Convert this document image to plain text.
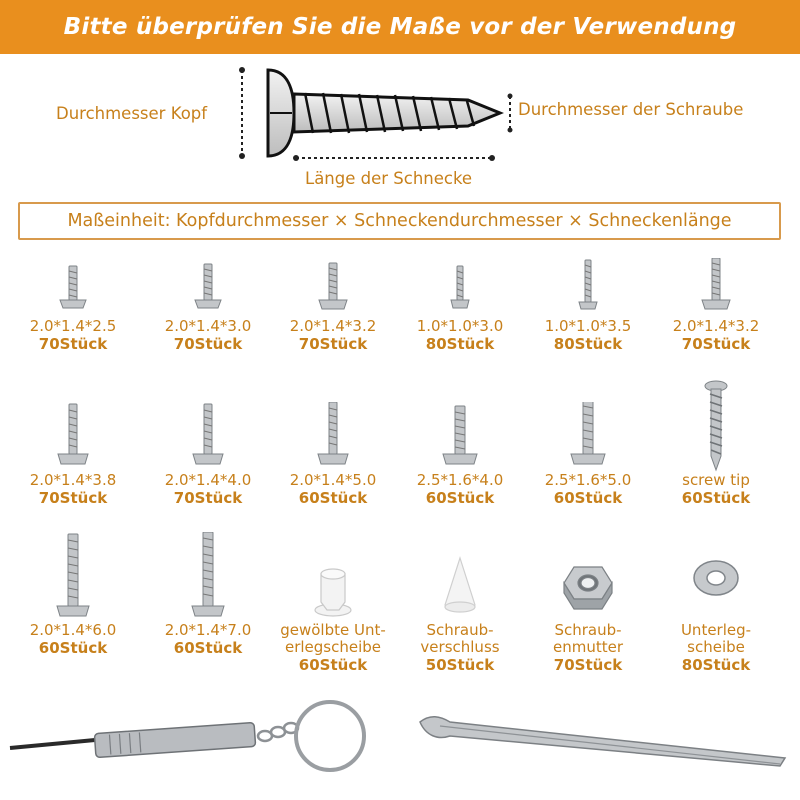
Bitte überprüfen Sie die Maße vor der Verwendung
Durchmesser Kopf	Durchmesser der Schraube
Länge der Schnecke
Maßeinheit: Kopfdurchmesser × Schneckendurchmesser × Schneckenlänge
2.0*1.4*2.5
70Stück
2.0*1.4*3.0
70Stück
2.0*1.4*3.2
70Stück
1.0*1.0*3.0
80Stück
1.0*1.0*3.5
80Stück
2.0*1.4*3.2
70Stück
2.0*1.4*3.8
70Stück
2.0*1.4*4.0
70Stück
2.0*1.4*5.0
60Stück
2.5*1.6*4.0
60Stück
2.5*1.6*5.0
60Stück
screw tip
60Stück
2.0*1.4*6.0
60Stück
2.0*1.4*7.0
60Stück
gewölbte Unt-
erlegscheibe
60Stück
Schraub-
verschluss
50Stück
Schraub-
enmutter
70Stück
Unterleg-
scheibe
80Stück
